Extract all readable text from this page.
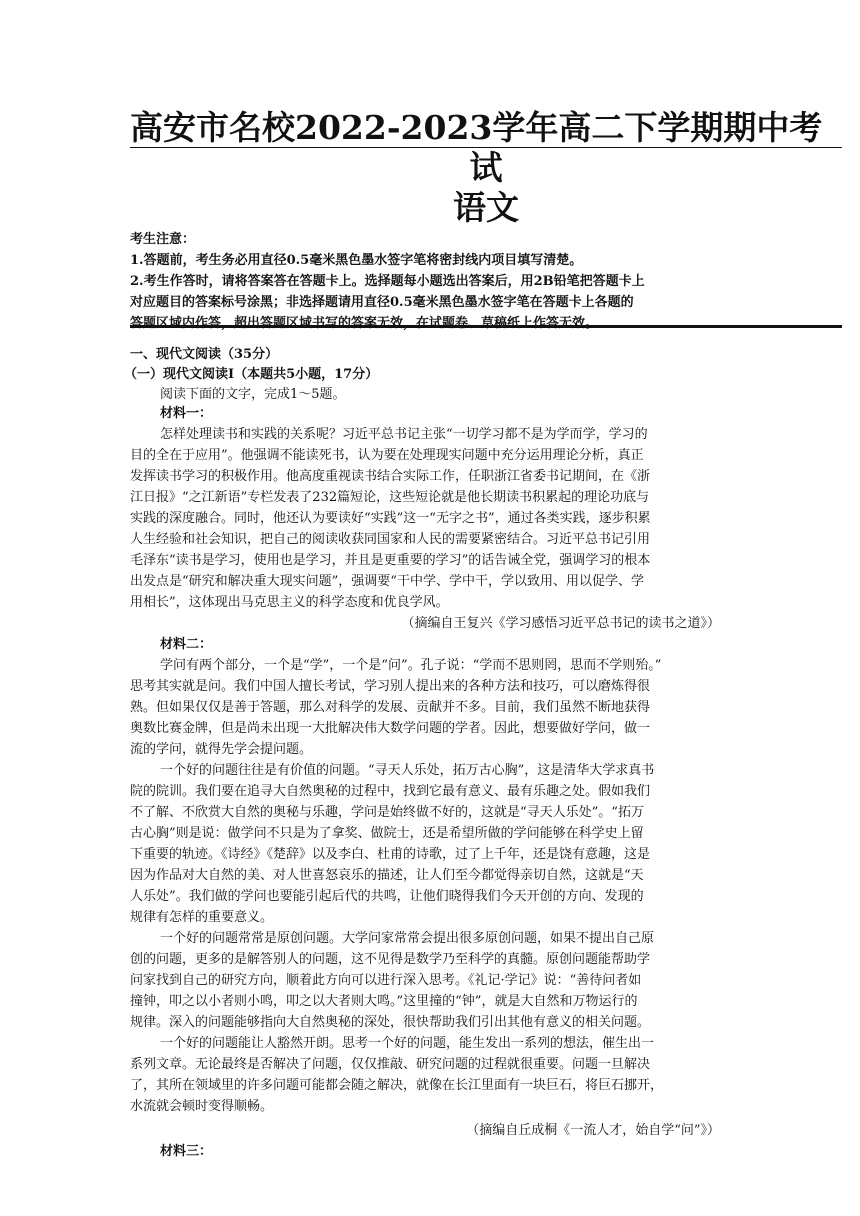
高安市名校2022-2023学年高二下学期期中考
试
语文
考生注意：
1.答题前，考生务必用直径0.5毫米黑色墨水签字笔将密封线内项目填写清楚。
2.考生作答时，请将答案答在答题卡上。选择题每小题选出答案后，用2B铅笔把答题卡上
对应题目的答案标号涂黑；非选择题请用直径0.5毫米黑色墨水签字笔在答题卡上各题的
答题区域内作答，超出答题区域书写的答案无效，在试题卷、草稿纸上作答无效。
一、现代文阅读（35分）
（一）现代文阅读Ⅰ（本题共5小题，17分）
阅读下面的文字，完成1～5题。
材料一：
怎样处理读书和实践的关系呢？习近平总书记主张“一切学习都不是为学而学，学习的
目的全在于应用”。他强调不能读死书，认为要在处理现实问题中充分运用理论分析，真正
发挥读书学习的积极作用。他高度重视读书结合实际工作，任职浙江省委书记期间，在《浙
江日报》“之江新语”专栏发表了232篇短论，这些短论就是他长期读书积累起的理论功底与
实践的深度融合。同时，他还认为要读好“实践”这一“无字之书”，通过各类实践，逐步积累
人生经验和社会知识，把自己的阅读收获同国家和人民的需要紧密结合。习近平总书记引用
毛泽东“读书是学习，使用也是学习，并且是更重要的学习”的话告诫全党，强调学习的根本
出发点是“研究和解决重大现实问题”，强调要“干中学、学中干，学以致用、用以促学、学
用相长”，这体现出马克思主义的科学态度和优良学风。
（摘编自王复兴《学习感悟习近平总书记的读书之道》）
材料二：
学问有两个部分，一个是“学”，一个是“问”。孔子说：“学而不思则罔，思而不学则殆。”
思考其实就是问。我们中国人擅长考试，学习别人提出来的各种方法和技巧，可以磨炼得很
熟。但如果仅仅是善于答题，那么对科学的发展、贡献并不多。目前，我们虽然不断地获得
奥数比赛金牌，但是尚未出现一大批解决伟大数学问题的学者。因此，想要做好学问，做一
流的学问，就得先学会提问题。
一个好的问题往往是有价值的问题。“寻天人乐处，拓万古心胸”，这是清华大学求真书
院的院训。我们要在追寻大自然奥秘的过程中，找到它最有意义、最有乐趣之处。假如我们
不了解、不欣赏大自然的奥秘与乐趣，学问是始终做不好的，这就是“寻天人乐处”。“拓万
古心胸”则是说：做学问不只是为了拿奖、做院士，还是希望所做的学问能够在科学史上留
下重要的轨迹。《诗经》《楚辞》以及李白、杜甫的诗歌，过了上千年，还是饶有意趣，这是
因为作品对大自然的美、对人世喜怒哀乐的描述，让人们至今都觉得亲切自然，这就是“天
人乐处”。我们做的学问也要能引起后代的共鸣，让他们晓得我们今天开创的方向、发现的
规律有怎样的重要意义。
一个好的问题常常是原创问题。大学问家常常会提出很多原创问题，如果不提出自己原
创的问题，更多的是解答别人的问题，这不见得是数学乃至科学的真髓。原创问题能帮助学
问家找到自己的研究方向，顺着此方向可以进行深入思考。《礼记·学记》说：“善待问者如
撞钟，叩之以小者则小鸣，叩之以大者则大鸣。”这里撞的“钟”，就是大自然和万物运行的
规律。深入的问题能够指向大自然奥秘的深处，很快帮助我们引出其他有意义的相关问题。
一个好的问题能让人豁然开朗。思考一个好的问题，能生发出一系列的想法，催生出一
系列文章。无论最终是否解决了问题，仅仅推敲、研究问题的过程就很重要。问题一旦解决
了，其所在领域里的许多问题可能都会随之解决，就像在长江里面有一块巨石，将巨石挪开，
水流就会顿时变得顺畅。
（摘编自丘成桐《一流人才，始自学“问”》）
材料三：
